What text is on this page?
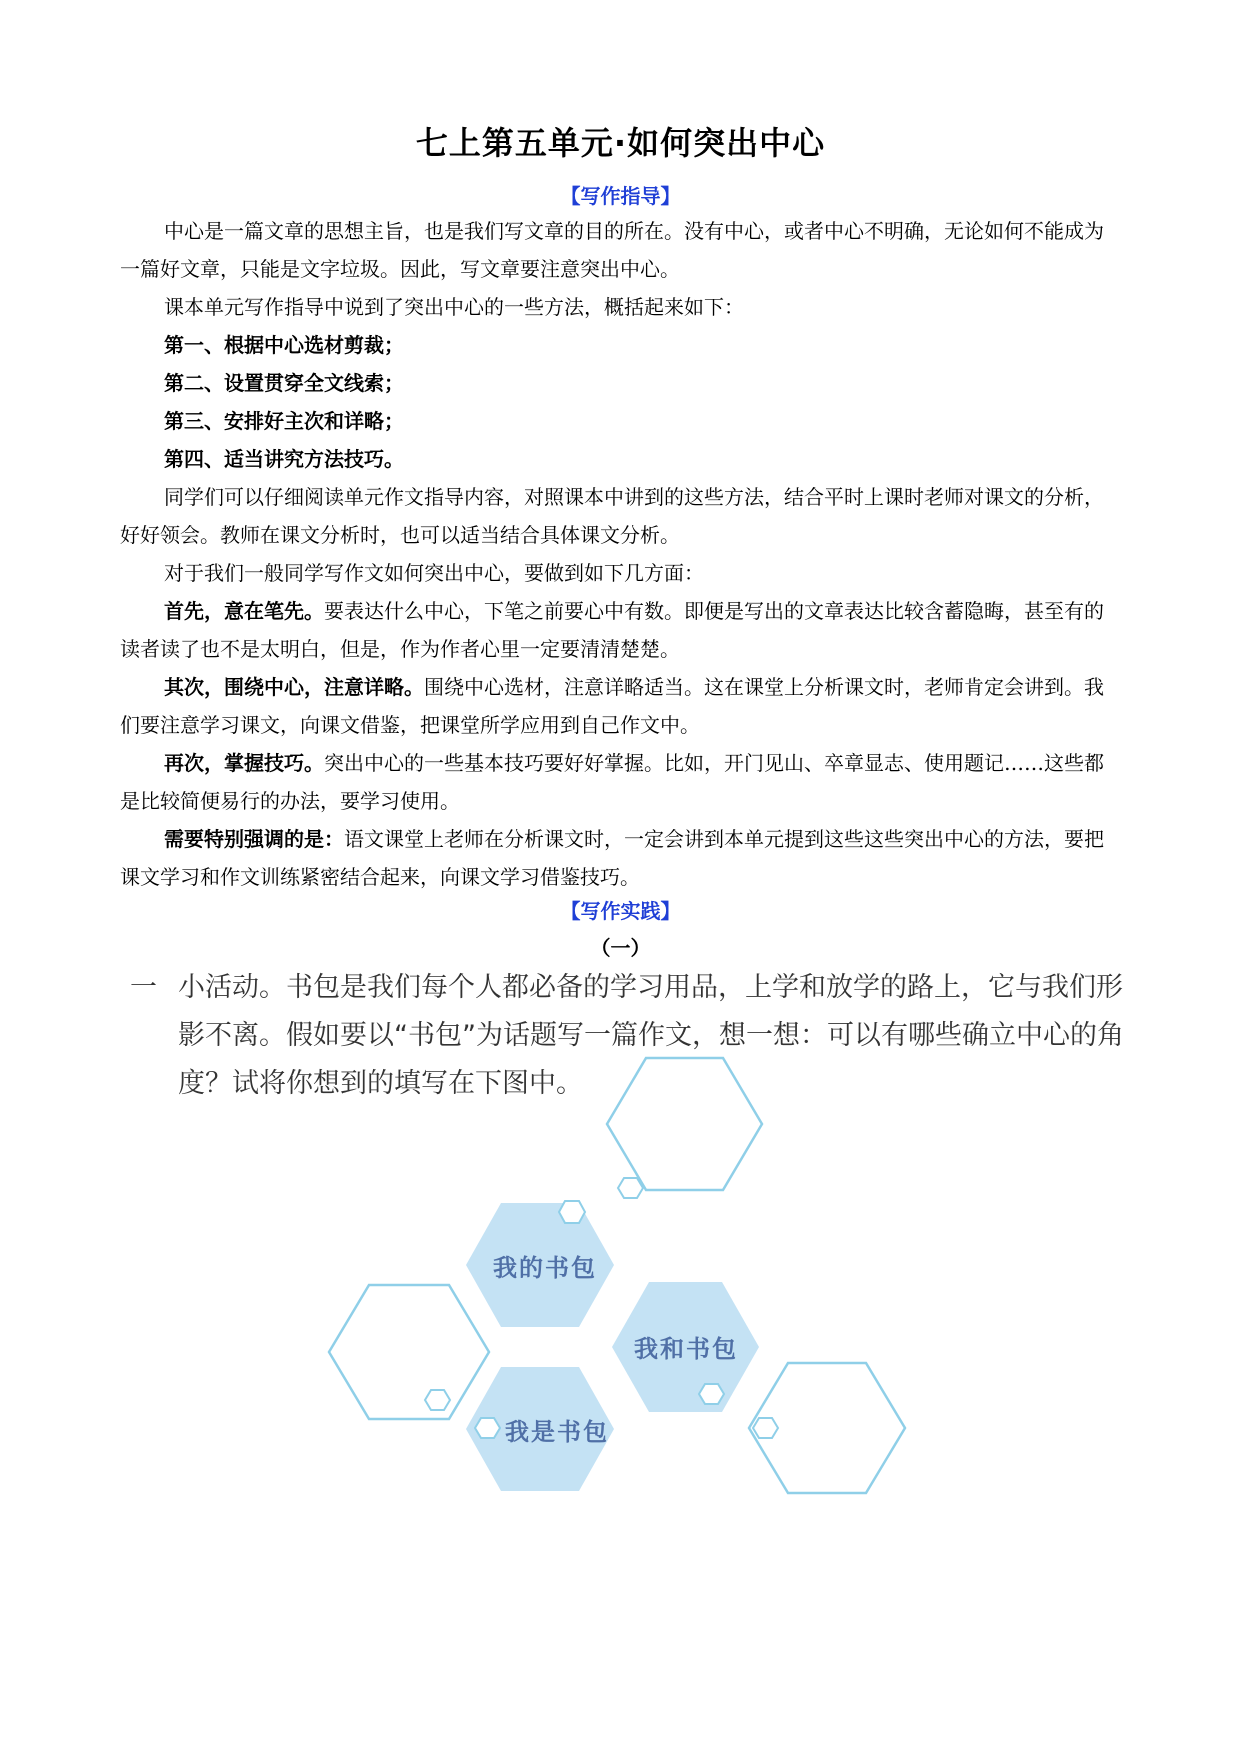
七上第五单元·如何突出中心
【写作指导】

中心是一篇文章的思想主旨，也是我们写文章的目的所在。没有中心，或者中心不明确，无论如何不能成为一篇好文章，只能是文字垃圾。因此，写文章要注意突出中心。

课本单元写作指导中说到了突出中心的一些方法，概括起来如下：

第一、根据中心选材剪裁；

第二、设置贯穿全文线索；

第三、安排好主次和详略；

第四、适当讲究方法技巧。

同学们可以仔细阅读单元作文指导内容，对照课本中讲到的这些方法，结合平时上课时老师对课文的分析，好好领会。教师在课文分析时，也可以适当结合具体课文分析。

对于我们一般同学写作文如何突出中心，要做到如下几方面：

首先，意在笔先。要表达什么中心，下笔之前要心中有数。即便是写出的文章表达比较含蓄隐晦，甚至有的读者读了也不是太明白，但是，作为作者心里一定要清清楚楚。

其次，围绕中心，注意详略。围绕中心选材，注意详略适当。这在课堂上分析课文时，老师肯定会讲到。我们要注意学习课文，向课文借鉴，把课堂所学应用到自己作文中。

再次，掌握技巧。突出中心的一些基本技巧要好好掌握。比如，开门见山、卒章显志、使用题记……这些都是比较简便易行的办法，要学习使用。

需要特别强调的是：语文课堂上老师在分析课文时，一定会讲到本单元提到这些这些突出中心的方法，要把课文学习和作文训练紧密结合起来，向课文学习借鉴技巧。

【写作实践】
（一）
一 小活动。书包是我们每个人都必备的学习用品，上学和放学的路上，它与我们形影不离。假如要以“书包”为话题写一篇作文，想一想：可以有哪些确立中心的角度？试将你想到的填写在下图中。
我的书包
我和书包
我是书包
